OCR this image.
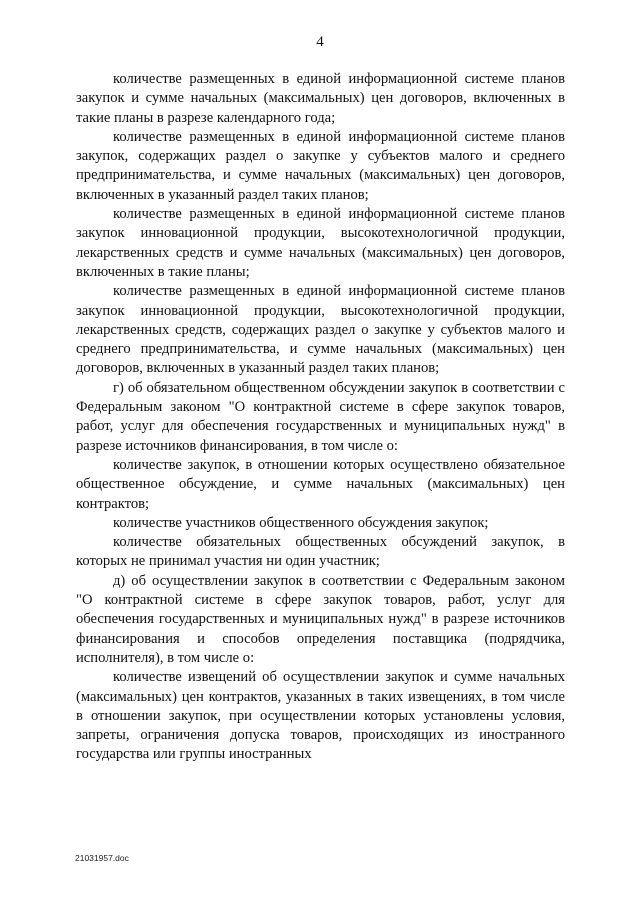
4

количестве размещенных в единой информационной системе планов закупок и сумме начальных (максимальных) цен договоров, включенных в такие планы в разрезе календарного года;

количестве размещенных в единой информационной системе планов закупок, содержащих раздел о закупке у субъектов малого и среднего предпринимательства, и сумме начальных (максимальных) цен договоров, включенных в указанный раздел таких планов;

количестве размещенных в единой информационной системе планов закупок инновационной продукции, высокотехнологичной продукции, лекарственных средств и сумме начальных (максимальных) цен договоров, включенных в такие планы;

количестве размещенных в единой информационной системе планов закупок инновационной продукции, высокотехнологичной продукции, лекарственных средств, содержащих раздел о закупке у субъектов малого и среднего предпринимательства, и сумме начальных (максимальных) цен договоров, включенных в указанный раздел таких планов;

г) об обязательном общественном обсуждении закупок в соответствии с Федеральным законом "О контрактной системе в сфере закупок товаров, работ, услуг для обеспечения государственных и муниципальных нужд" в разрезе источников финансирования, в том числе о:

количестве закупок, в отношении которых осуществлено обязательное общественное обсуждение, и сумме начальных (максимальных) цен контрактов;

количестве участников общественного обсуждения закупок;

количестве обязательных общественных обсуждений закупок, в которых не принимал участия ни один участник;

д) об осуществлении закупок в соответствии с Федеральным законом "О контрактной системе в сфере закупок товаров, работ, услуг для обеспечения государственных и муниципальных нужд" в разрезе источников финансирования и способов определения поставщика (подрядчика, исполнителя), в том числе о:

количестве извещений об осуществлении закупок и сумме начальных (максимальных) цен контрактов, указанных в таких извещениях, в том числе в отношении закупок, при осуществлении которых установлены условия, запреты, ограничения допуска товаров, происходящих из иностранного государства или группы иностранных

21031957.doc
